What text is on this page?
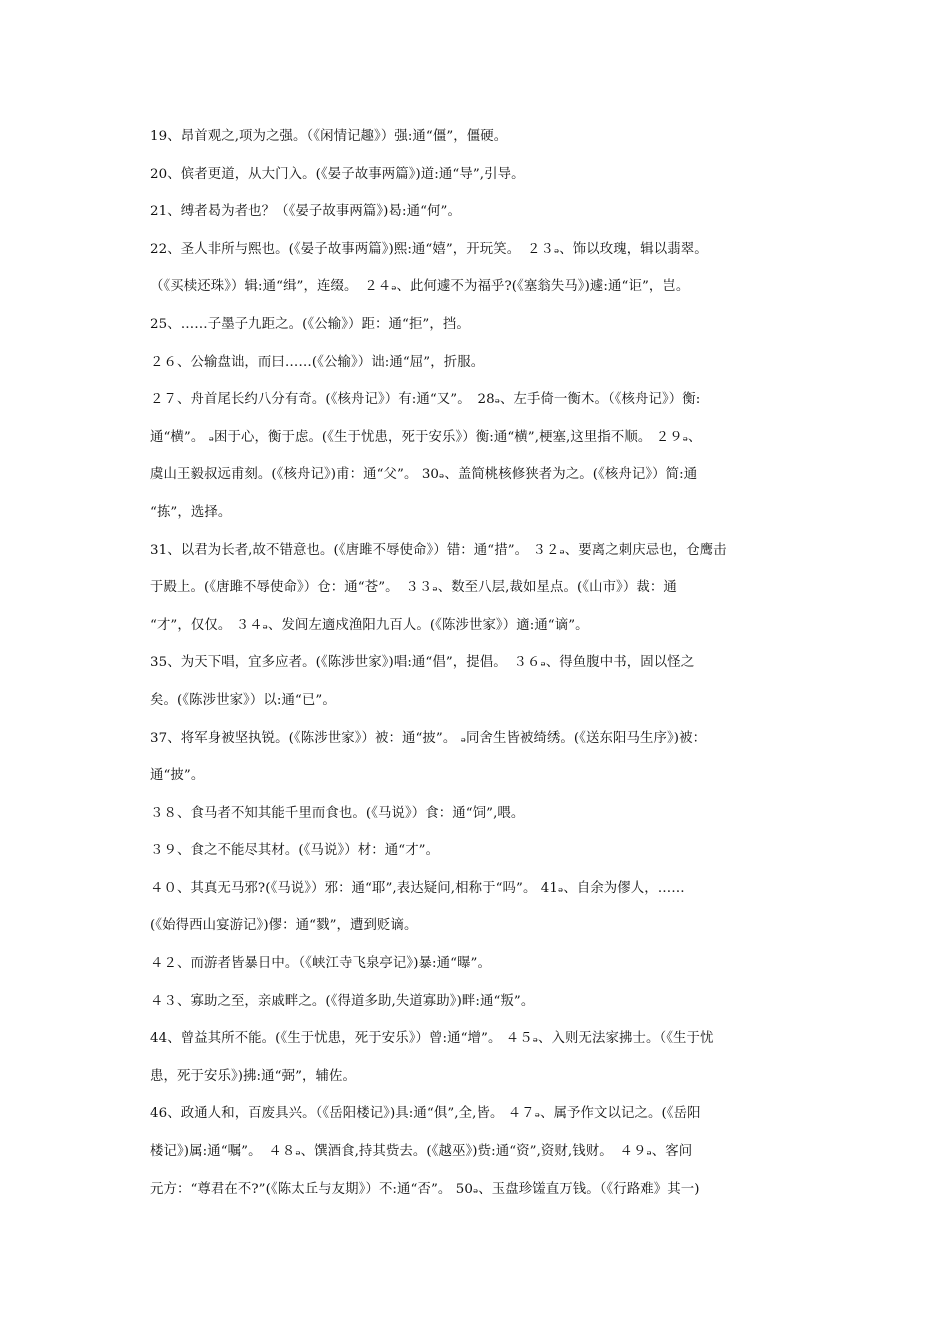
19、昂首观之,项为之强。（《闲情记趣》）强:通“僵”，僵硬。
20、傧者更道，从大门入。(《晏子故事两篇》)道:通“导”,引导。
21、缚者曷为者也？（《晏子故事两篇》)曷:通“何”。
22、圣人非所与熙也。(《晏子故事两篇》)熙:通“嬉”，开玩笑。　２３ₔ、饰以玫瑰，辑以翡翠。
（《买椟还珠》）辑:通“缉”，连缀。　２４ₔ、此何遽不为福乎?(《塞翁失马》)遽:通“讵”，岂。
25、……子墨子九距之。(《公输》）距：通“拒”，挡。
２６、公输盘诎，而曰……(《公输》）诎:通“屈”，折服。
２７、舟首尾长约八分有奇。(《核舟记》）有:通“又”。　28ₔ、左手倚一衡木。（《核舟记》）衡:
通“横”。 ₔ困于心，衡于虑。(《生于忧患，死于安乐》）衡:通“横”,梗塞,这里指不顺。 ２９ₔ、
虞山王毅叔远甫刻。(《核舟记》)甫：通“父”。 30ₔ、盖简桃核修狭者为之。(《核舟记》）简:通
“拣”，选择。
31、以君为长者,故不错意也。(《唐雎不辱使命》）错：通“措”。 ３２ₔ、要离之刺庆忌也，仓鹰击
于殿上。(《唐雎不辱使命》）仓：通“苍”。　３３ₔ、数至八层,裁如星点。(《山市》）裁：通
“才”，仅仅。 ３４ₔ、发闾左適戍渔阳九百人。(《陈涉世家》）適:通“谪”。
35、为天下唱，宜多应者。(《陈涉世家》)唱:通“倡”，提倡。　３６ₔ、得鱼腹中书，固以怪之
矣。(《陈涉世家》）以:通“已”。
37、将军身被坚执锐。(《陈涉世家》）被：通“披”。 ₔ同舍生皆被绮绣。(《送东阳马生序》)被：
通“披”。
３８、食马者不知其能千里而食也。(《马说》）食：通“饲”,喂。
３９、食之不能尽其材。(《马说》）材：通“才”。
４０、其真无马邪?(《马说》）邪：通“耶”,表达疑问,相称于“吗”。 41ₔ、自余为僇人，……
(《始得西山宴游记》)僇：通“戮”，遭到贬谪。
４２、而游者皆暴日中。（《峡江寺飞泉亭记》)暴:通“曝”。
４３、寡助之至，亲戚畔之。(《得道多助,失道寡助》)畔:通“叛”。
44、曾益其所不能。(《生于忧患，死于安乐》）曾:通“增”。 ４５ₔ、入则无法家拂士。（《生于忧
患，死于安乐》)拂:通“弼”，辅佐。
46、政通人和，百废具兴。（《岳阳楼记》)具:通“俱”,全,皆。 ４７ₔ、属予作文以记之。(《岳阳
楼记》)属:通“嘱”。　４８ₔ、馔酒食,持其赀去。(《越巫》)赀:通“资”,资财,钱财。　４９ₔ、客问
元方：“尊君在不?”(《陈太丘与友期》）不:通“否”。 50ₔ、玉盘珍馐直万钱。（《行路难》其一)
